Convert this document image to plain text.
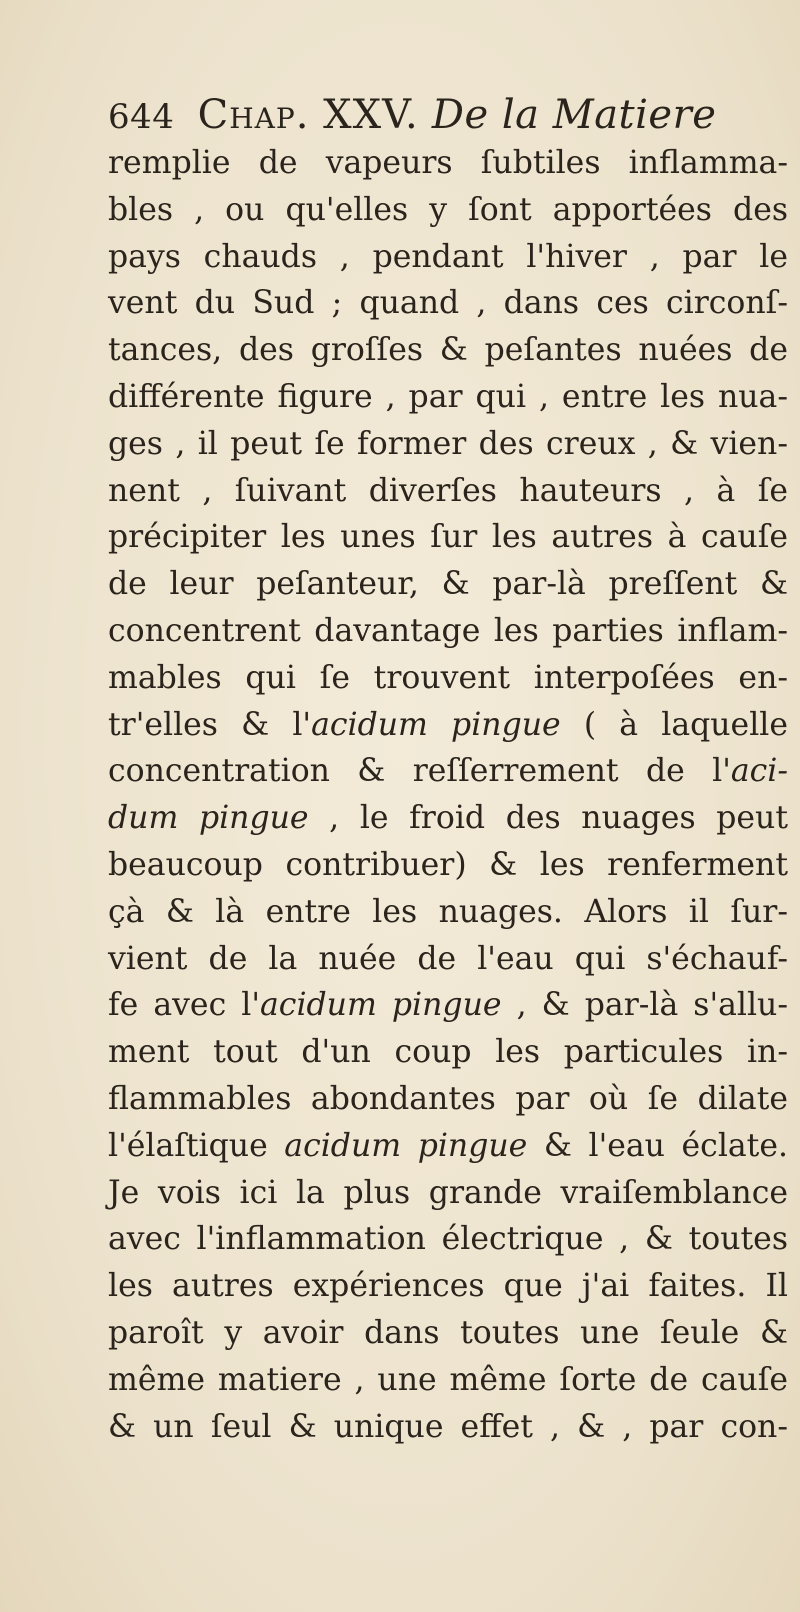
644 Chap. XXV. De la Matiere
remplie de vapeurs ſubtiles inflamma-
bles , ou qu'elles y ſont apportées des
pays chauds , pendant l'hiver , par le
vent du Sud ; quand , dans ces circonſ-
tances, des groſſes & peſantes nuées de
différente figure , par qui , entre les nua-
ges , il peut ſe former des creux , & vien-
nent , ſuivant diverſes hauteurs , à ſe
précipiter les unes ſur les autres à cauſe
de leur peſanteur, & par-là preſſent &
concentrent davantage les parties inflam-
mables qui ſe trouvent interpoſées en-
tr'elles & l'acidum pingue ( à laquelle
concentration & reſſerrement de l'aci-
dum pingue , le froid des nuages peut
beaucoup contribuer) & les renferment
çà & là entre les nuages. Alors il ſur-
vient de la nuée de l'eau qui s'échauf-
fe avec l'acidum pingue , & par-là s'allu-
ment tout d'un coup les particules in-
flammables abondantes par où ſe dilate
l'élaſtique acidum pingue & l'eau éclate.
Je vois ici la plus grande vraiſemblance
avec l'inflammation électrique , & toutes
les autres expériences que j'ai faites. Il
paroît y avoir dans toutes une ſeule &
même matiere , une même ſorte de cauſe
& un ſeul & unique effet , & , par con-
